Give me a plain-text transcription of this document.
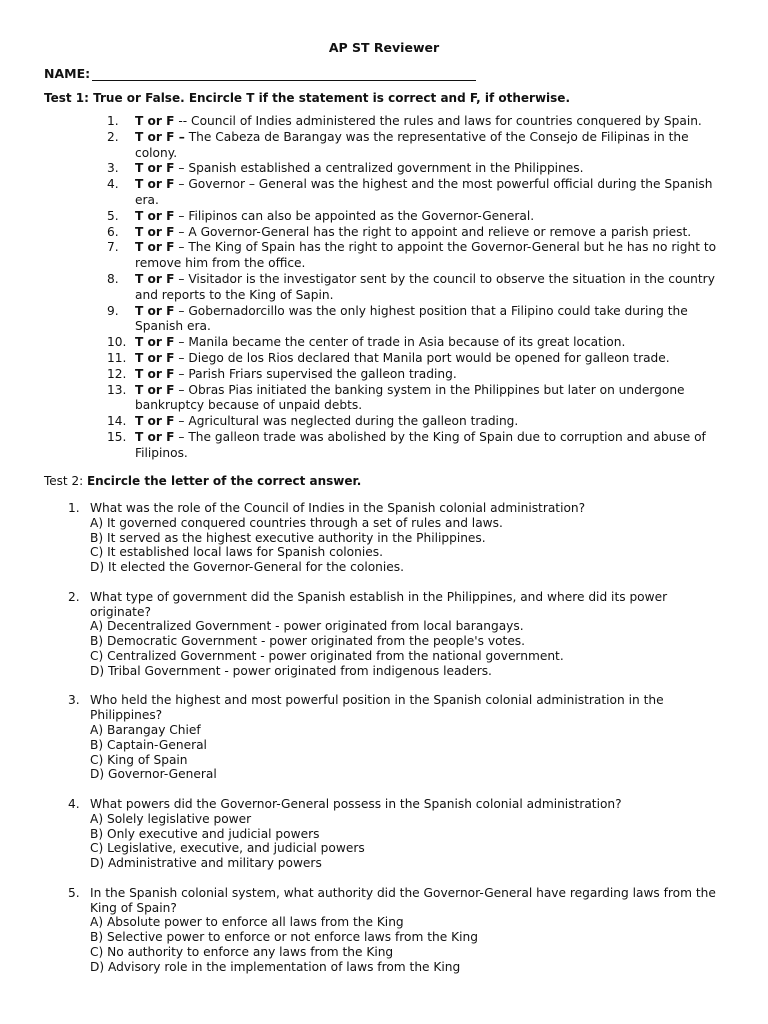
AP ST Reviewer
NAME:
Test 1: True or False. Encircle T if the statement is correct and F, if otherwise.
1. T or F -- Council of Indies administered the rules and laws for countries conquered by Spain.
2. T or F – The Cabeza de Barangay was the representative of the Consejo de Filipinas in the colony.
3. T or F – Spanish established a centralized government in the Philippines.
4. T or F – Governor – General was the highest and the most powerful official during the Spanish era.
5. T or F – Filipinos can also be appointed as the Governor-General.
6. T or F – A Governor-General has the right to appoint and relieve or remove a parish priest.
7. T or F – The King of Spain has the right to appoint the Governor-General but he has no right to remove him from the office.
8. T or F – Visitador is the investigator sent by the council to observe the situation in the country and reports to the King of Sapin.
9. T or F – Gobernadorcillo was the only highest position that a Filipino could take during the Spanish era.
10. T or F – Manila became the center of trade in Asia because of its great location.
11. T or F – Diego de los Rios declared that Manila port would be opened for galleon trade.
12. T or F – Parish Friars supervised the galleon trading.
13. T or F – Obras Pias initiated the banking system in the Philippines but later on undergone bankruptcy because of unpaid debts.
14. T or F – Agricultural was neglected during the galleon trading.
15. T or F – The galleon trade was abolished by the King of Spain due to corruption and abuse of Filipinos.
Test 2: Encircle the letter of the correct answer.
1. What was the role of the Council of Indies in the Spanish colonial administration?
A) It governed conquered countries through a set of rules and laws.
B) It served as the highest executive authority in the Philippines.
C) It established local laws for Spanish colonies.
D) It elected the Governor-General for the colonies.
2. What type of government did the Spanish establish in the Philippines, and where did its power originate?
A) Decentralized Government - power originated from local barangays.
B) Democratic Government - power originated from the people's votes.
C) Centralized Government - power originated from the national government.
D) Tribal Government - power originated from indigenous leaders.
3. Who held the highest and most powerful position in the Spanish colonial administration in the Philippines?
A) Barangay Chief
B) Captain-General
C) King of Spain
D) Governor-General
4. What powers did the Governor-General possess in the Spanish colonial administration?
A) Solely legislative power
B) Only executive and judicial powers
C) Legislative, executive, and judicial powers
D) Administrative and military powers
5. In the Spanish colonial system, what authority did the Governor-General have regarding laws from the King of Spain?
A) Absolute power to enforce all laws from the King
B) Selective power to enforce or not enforce laws from the King
C) No authority to enforce any laws from the King
D) Advisory role in the implementation of laws from the King
